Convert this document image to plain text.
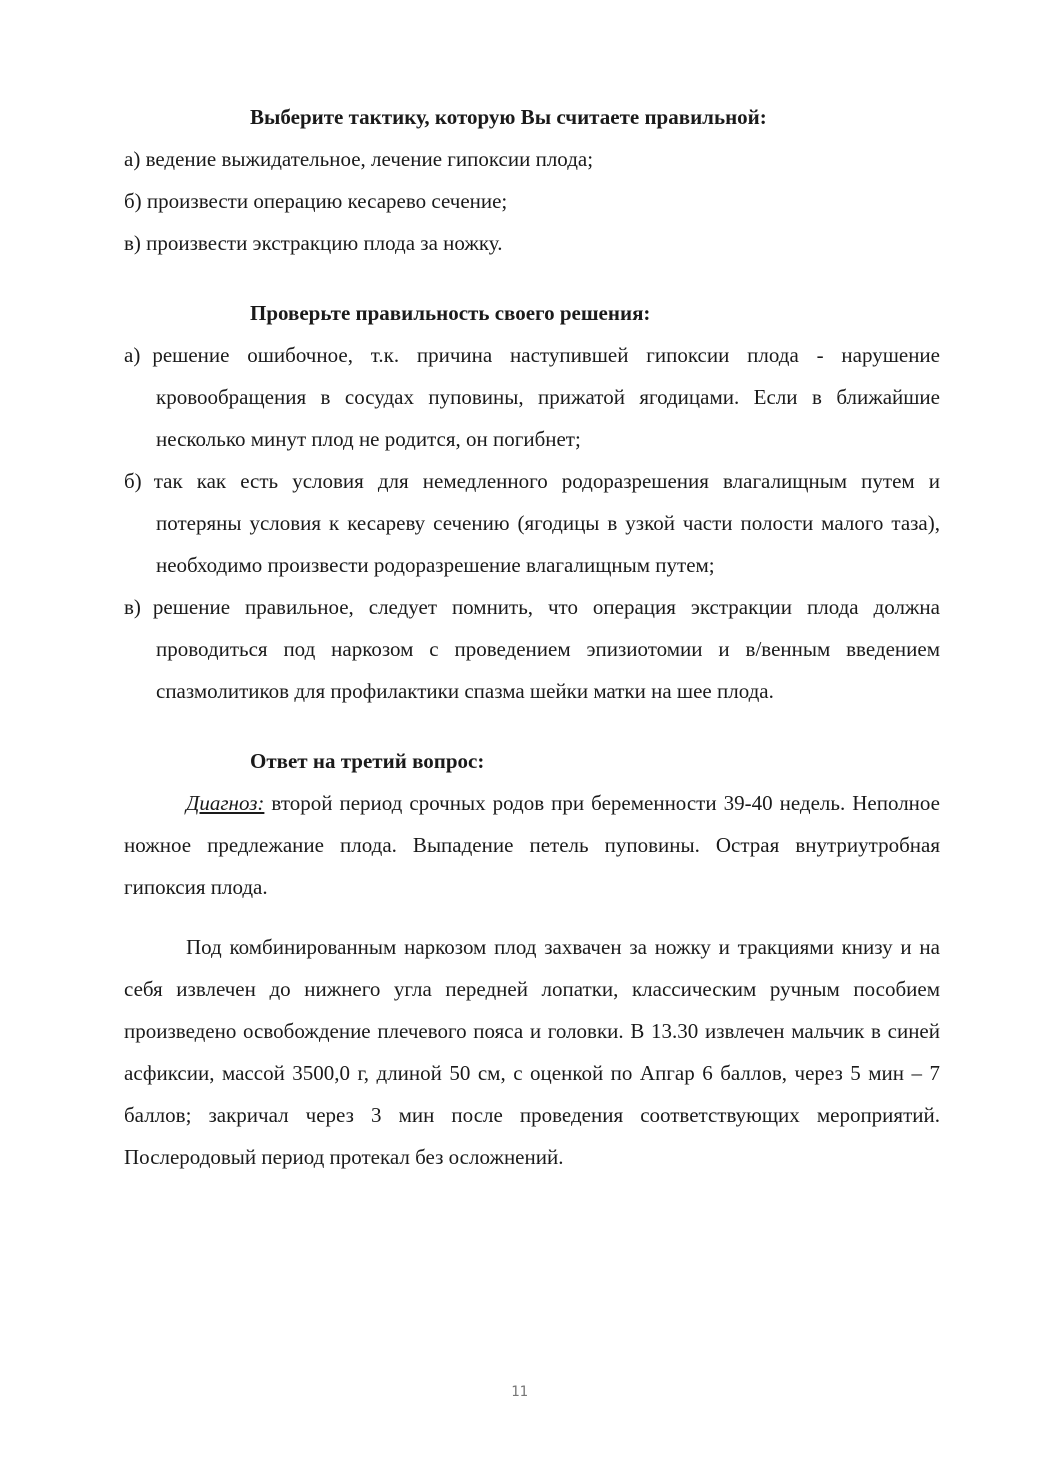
Выберите тактику, которую Вы считаете правильной:

а) ведение выжидательное, лечение гипоксии плода;

б) произвести операцию кесарево сечение;

в) произвести экстракцию плода за ножку.

Проверьте правильность своего решения:

а) решение ошибочное, т.к. причина наступившей гипоксии плода - нарушение кровообращения в сосудах пуповины, прижатой ягодицами. Если в ближайшие несколько минут плод не родится, он погибнет;

б) так как есть условия для немедленного родоразрешения влагалищным путем и потеряны условия к кесареву сечению (ягодицы в узкой части полости малого таза), необходимо произвести родоразрешение влагалищным путем;

в) решение правильное, следует помнить, что операция экстракции плода должна проводиться под наркозом с проведением эпизиотомии и в/венным введением спазмолитиков для профилактики спазма шейки матки на шее плода.

Ответ на третий вопрос:

Диагноз: второй период срочных родов при беременности 39-40 недель. Неполное ножное предлежание плода. Выпадение петель пуповины. Острая внутриутробная гипоксия плода.

Под комбинированным наркозом плод захвачен за ножку и тракциями книзу и на себя извлечен до нижнего угла передней лопатки, классическим ручным пособием произведено освобождение плечевого пояса и головки. В 13.30 извлечен мальчик в синей асфиксии, массой 3500,0 г, длиной 50 см, с оценкой по Апгар 6 баллов, через 5 мин – 7 баллов; закричал через 3 мин после проведения соответствующих мероприятий. Послеродовый период протекал без осложнений.

11
